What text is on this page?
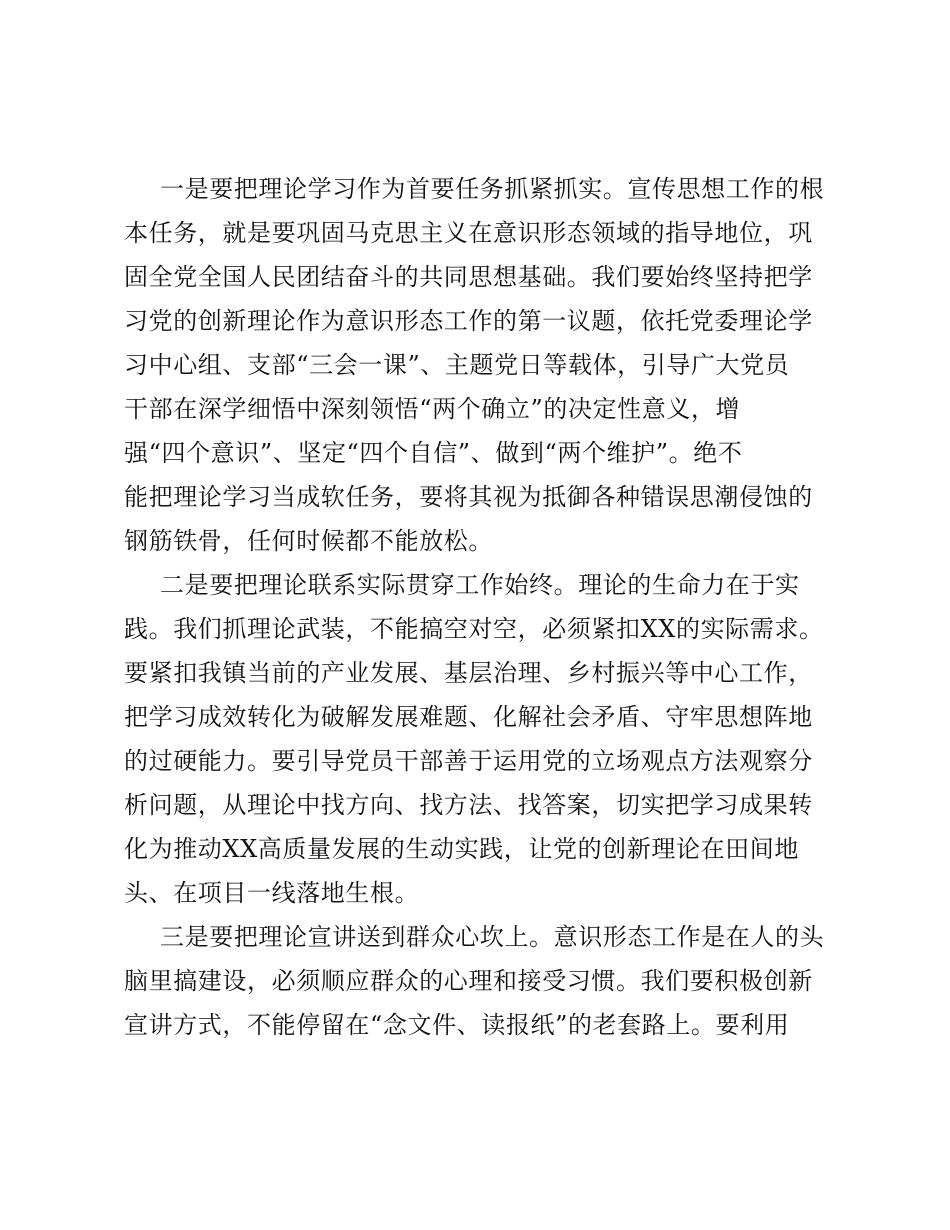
一是要把理论学习作为首要任务抓紧抓实。宣传思想工作的根
本任务，就是要巩固马克思主义在意识形态领域的指导地位，巩
固全党全国人民团结奋斗的共同思想基础。我们要始终坚持把学
习党的创新理论作为意识形态工作的第一议题，依托党委理论学
习中心组、支部“三会一课”、主题党日等载体，引导广大党员
干部在深学细悟中深刻领悟“两个确立”的决定性意义，增
强“四个意识”、坚定“四个自信”、做到“两个维护”。绝不
能把理论学习当成软任务，要将其视为抵御各种错误思潮侵蚀的
钢筋铁骨，任何时候都不能放松。
二是要把理论联系实际贯穿工作始终。理论的生命力在于实
践。我们抓理论武装，不能搞空对空，必须紧扣XX的实际需求。
要紧扣我镇当前的产业发展、基层治理、乡村振兴等中心工作，
把学习成效转化为破解发展难题、化解社会矛盾、守牢思想阵地
的过硬能力。要引导党员干部善于运用党的立场观点方法观察分
析问题，从理论中找方向、找方法、找答案，切实把学习成果转
化为推动XX高质量发展的生动实践，让党的创新理论在田间地
头、在项目一线落地生根。
三是要把理论宣讲送到群众心坎上。意识形态工作是在人的头
脑里搞建设，必须顺应群众的心理和接受习惯。我们要积极创新
宣讲方式，不能停留在“念文件、读报纸”的老套路上。要利用
